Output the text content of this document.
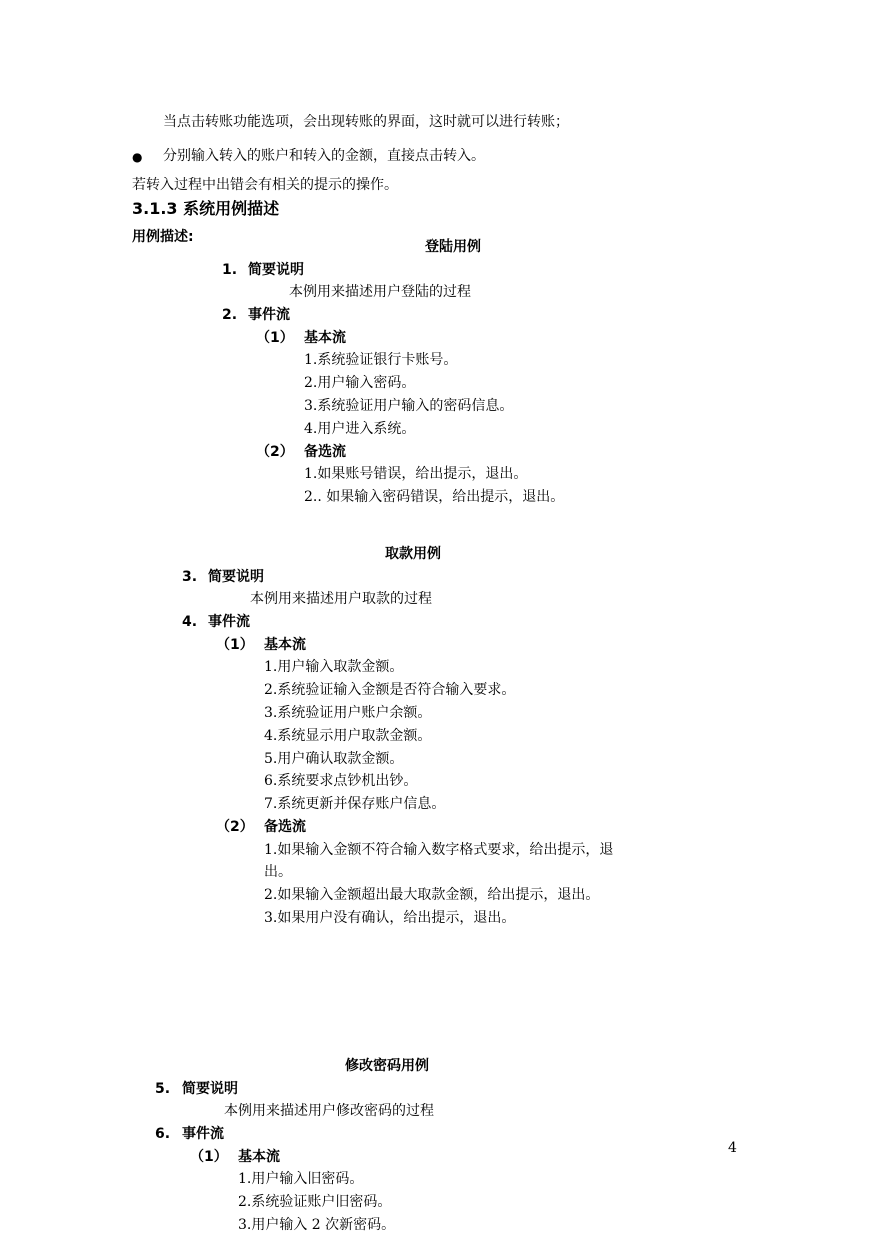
当点击转账功能选项，会出现转账的界面，这时就可以进行转账；
● 分别输入转入的账户和转入的金额，直接点击转入。
若转入过程中出错会有相关的提示的操作。
3.1.3 系统用例描述
用例描述:
登陆用例
1. 简要说明
本例用来描述用户登陆的过程
2. 事件流
（1） 基本流
1.系统验证银行卡账号。
2.用户输入密码。
3.系统验证用户输入的密码信息。
4.用户进入系统。
（2） 备选流
1.如果账号错误，给出提示，退出。
2.. 如果输入密码错误，给出提示，退出。
取款用例
3. 简要说明
本例用来描述用户取款的过程
4. 事件流
（1） 基本流
1.用户输入取款金额。
2.系统验证输入金额是否符合输入要求。
3.系统验证用户账户余额。
4.系统显示用户取款金额。
5.用户确认取款金额。
6.系统要求点钞机出钞。
7.系统更新并保存账户信息。
（2） 备选流
1.如果输入金额不符合输入数字格式要求，给出提示，退
出。
2.如果输入金额超出最大取款金额，给出提示，退出。
3.如果用户没有确认，给出提示，退出。
修改密码用例
5. 简要说明
本例用来描述用户修改密码的过程
6. 事件流
（1） 基本流
1.用户输入旧密码。
2.系统验证账户旧密码。
3.用户输入 2 次新密码。
4
